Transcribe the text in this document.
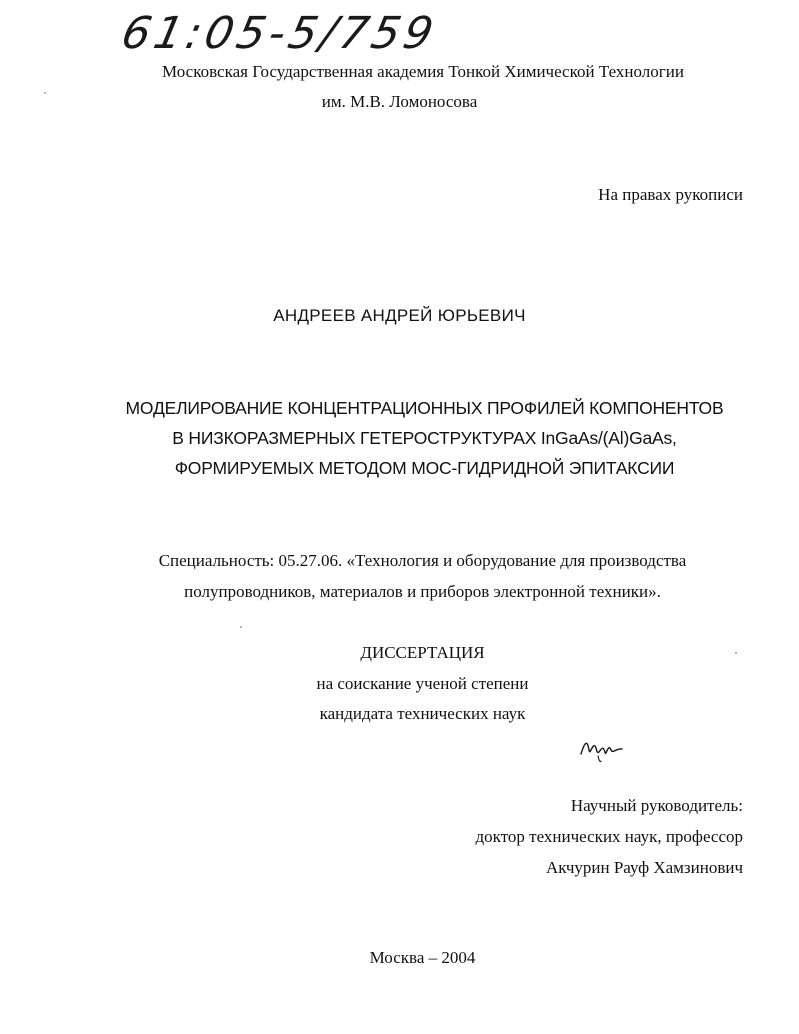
61:05-5/759
Московская Государственная академия Тонкой Химической Технологии
им. М.В. Ломоносова
На правах рукописи
АНДРЕЕВ АНДРЕЙ ЮРЬЕВИЧ
МОДЕЛИРОВАНИЕ КОНЦЕНТРАЦИОННЫХ ПРОФИЛЕЙ КОМПОНЕНТОВ
В НИЗКОРАЗМЕРНЫХ ГЕТЕРОСТРУКТУРАХ InGaAs/(Al)GaAs,
ФОРМИРУЕМЫХ МЕТОДОМ МОС-ГИДРИДНОЙ ЭПИТАКСИИ
Специальность: 05.27.06. «Технология и оборудование для производства
полупроводников, материалов и приборов электронной техники».
ДИССЕРТАЦИЯ
на соискание ученой степени
кандидата технических наук
Научный руководитель:
доктор технических наук, профессор
Акчурин Рауф Хамзинович
Москва – 2004
